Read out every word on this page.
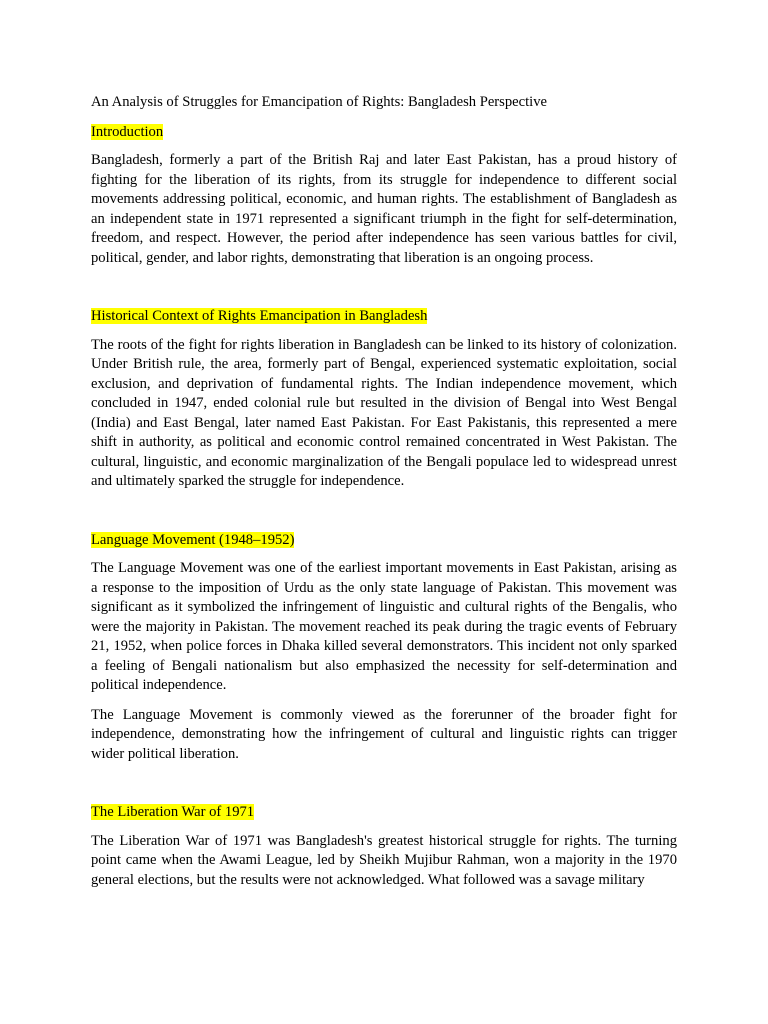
An Analysis of Struggles for Emancipation of Rights: Bangladesh Perspective

Introduction

Bangladesh, formerly a part of the British Raj and later East Pakistan, has a proud history of fighting for the liberation of its rights, from its struggle for independence to different social movements addressing political, economic, and human rights. The establishment of Bangladesh as an independent state in 1971 represented a significant triumph in the fight for self-determination, freedom, and respect. However, the period after independence has seen various battles for civil, political, gender, and labor rights, demonstrating that liberation is an ongoing process.

Historical Context of Rights Emancipation in Bangladesh

The roots of the fight for rights liberation in Bangladesh can be linked to its history of colonization. Under British rule, the area, formerly part of Bengal, experienced systematic exploitation, social exclusion, and deprivation of fundamental rights. The Indian independence movement, which concluded in 1947, ended colonial rule but resulted in the division of Bengal into West Bengal (India) and East Bengal, later named East Pakistan. For East Pakistanis, this represented a mere shift in authority, as political and economic control remained concentrated in West Pakistan. The cultural, linguistic, and economic marginalization of the Bengali populace led to widespread unrest and ultimately sparked the struggle for independence.

Language Movement (1948–1952)

The Language Movement was one of the earliest important movements in East Pakistan, arising as a response to the imposition of Urdu as the only state language of Pakistan. This movement was significant as it symbolized the infringement of linguistic and cultural rights of the Bengalis, who were the majority in Pakistan. The movement reached its peak during the tragic events of February 21, 1952, when police forces in Dhaka killed several demonstrators. This incident not only sparked a feeling of Bengali nationalism but also emphasized the necessity for self-determination and political independence.

The Language Movement is commonly viewed as the forerunner of the broader fight for independence, demonstrating how the infringement of cultural and linguistic rights can trigger wider political liberation.

The Liberation War of 1971

The Liberation War of 1971 was Bangladesh's greatest historical struggle for rights. The turning point came when the Awami League, led by Sheikh Mujibur Rahman, won a majority in the 1970 general elections, but the results were not acknowledged. What followed was a savage military
